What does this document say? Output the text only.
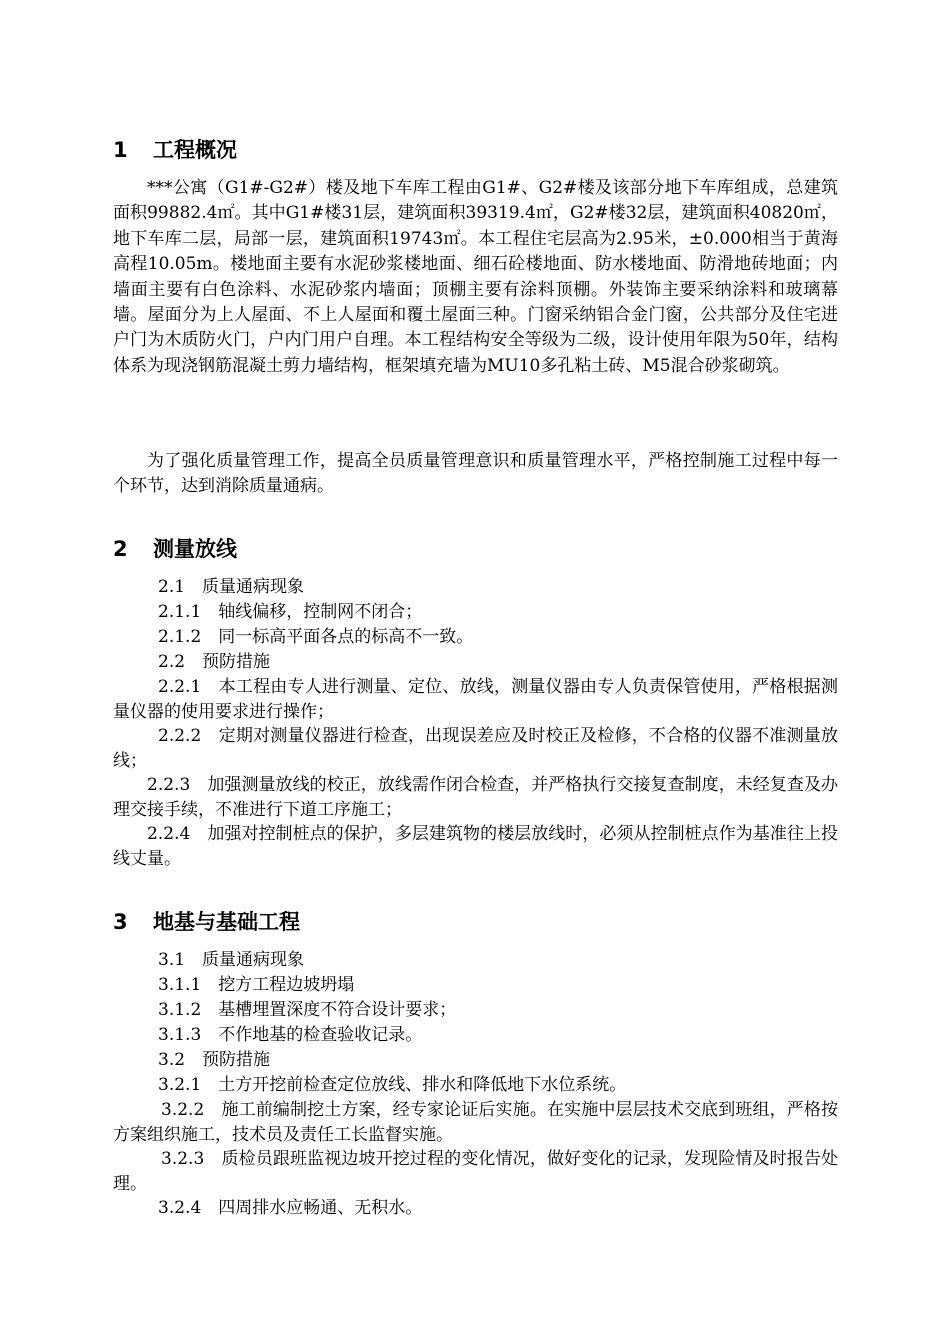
1 工程概况
***公寓（G1#-G2#）楼及地下车库工程由G1#、G2#楼及该部分地下车库组成，总建筑面积99882.4㎡。其中G1#楼31层，建筑面积39319.4㎡，G2#楼32层，建筑面积40820㎡，地下车库二层，局部一层，建筑面积19743㎡。本工程住宅层高为2.95米，±0.000相当于黄海高程10.05m。楼地面主要有水泥砂浆楼地面、细石砼楼地面、防水楼地面、防滑地砖地面；内墙面主要有白色涂料、水泥砂浆内墙面；顶棚主要有涂料顶棚。外装饰主要采纳涂料和玻璃幕墙。屋面分为上人屋面、不上人屋面和覆土屋面三种。门窗采纳铝合金门窗，公共部分及住宅进户门为木质防火门，户内门用户自理。本工程结构安全等级为二级，设计使用年限为50年，结构体系为现浇钢筋混凝土剪力墙结构，框架填充墙为MU10多孔粘土砖、M5混合砂浆砌筑。
为了强化质量管理工作，提高全员质量管理意识和质量管理水平，严格控制施工过程中每一个环节，达到消除质量通病。
2 测量放线
2.1　质量通病现象
2.1.1　轴线偏移，控制网不闭合；
2.1.2　同一标高平面各点的标高不一致。
2.2　预防措施
2.2.1　本工程由专人进行测量、定位、放线，测量仪器由专人负责保管使用，严格根据测量仪器的使用要求进行操作；
2.2.2　定期对测量仪器进行检查，出现误差应及时校正及检修，不合格的仪器不准测量放线；
2.2.3　加强测量放线的校正，放线需作闭合检查，并严格执行交接复查制度，未经复查及办理交接手续，不准进行下道工序施工；
2.2.4　加强对控制桩点的保护，多层建筑物的楼层放线时，必须从控制桩点作为基准往上投线丈量。
3 地基与基础工程
3.1　质量通病现象
3.1.1　挖方工程边坡坍塌
3.1.2　基槽埋置深度不符合设计要求；
3.1.3　不作地基的检查验收记录。
3.2　预防措施
3.2.1　土方开挖前检查定位放线、排水和降低地下水位系统。
3.2.2　施工前编制挖土方案，经专家论证后实施。在实施中层层技术交底到班组，严格按方案组织施工，技术员及责任工长监督实施。
3.2.3　质检员跟班监视边坡开挖过程的变化情况，做好变化的记录，发现险情及时报告处理。
3.2.4　四周排水应畅通、无积水。
